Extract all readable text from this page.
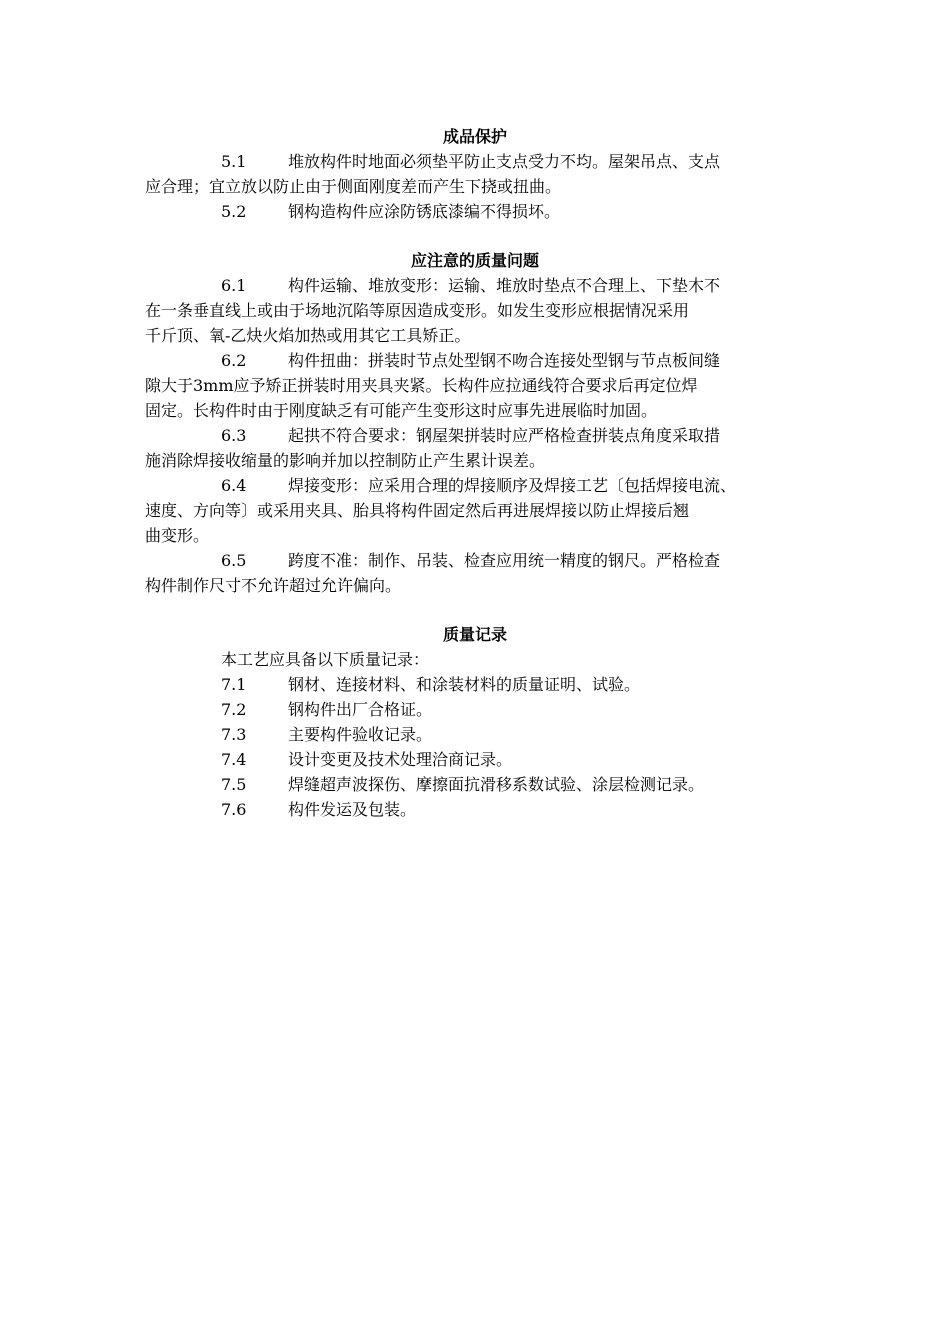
成品保护
5.1	堆放构件时地面必须垫平防止支点受力不均。屋架吊点、支点
应合理；宜立放以防止由于侧面刚度差而产生下挠或扭曲。
5.2	钢构造构件应涂防锈底漆编不得损坏。
应注意的质量问题
6.1	构件运输、堆放变形：运输、堆放时垫点不合理上、下垫木不
在一条垂直线上或由于场地沉陷等原因造成变形。如发生变形应根据情况采用
千斤顶、氧-乙炔火焰加热或用其它工具矫正。
6.2	构件扭曲：拼装时节点处型钢不吻合连接处型钢与节点板间缝
隙大于3mm应予矫正拼装时用夹具夹紧。长构件应拉通线符合要求后再定位焊
固定。长构件时由于刚度缺乏有可能产生变形这时应事先进展临时加固。
6.3	起拱不符合要求：钢屋架拼装时应严格检查拼装点角度采取措
施消除焊接收缩量的影响并加以控制防止产生累计误差。
6.4	焊接变形：应采用合理的焊接顺序及焊接工艺〔包括焊接电流、
速度、方向等〕或采用夹具、胎具将构件固定然后再进展焊接以防止焊接后翘
曲变形。
6.5	跨度不准：制作、吊装、检查应用统一精度的钢尺。严格检查
构件制作尺寸不允许超过允许偏向。
质量记录
本工艺应具备以下质量记录：
7.1	钢材、连接材料、和涂装材料的质量证明、试验。
7.2	钢构件出厂合格证。
7.3	主要构件验收记录。
7.4	设计变更及技术处理洽商记录。
7.5	焊缝超声波探伤、摩擦面抗滑移系数试验、涂层检测记录。
7.6	构件发运及包装。
